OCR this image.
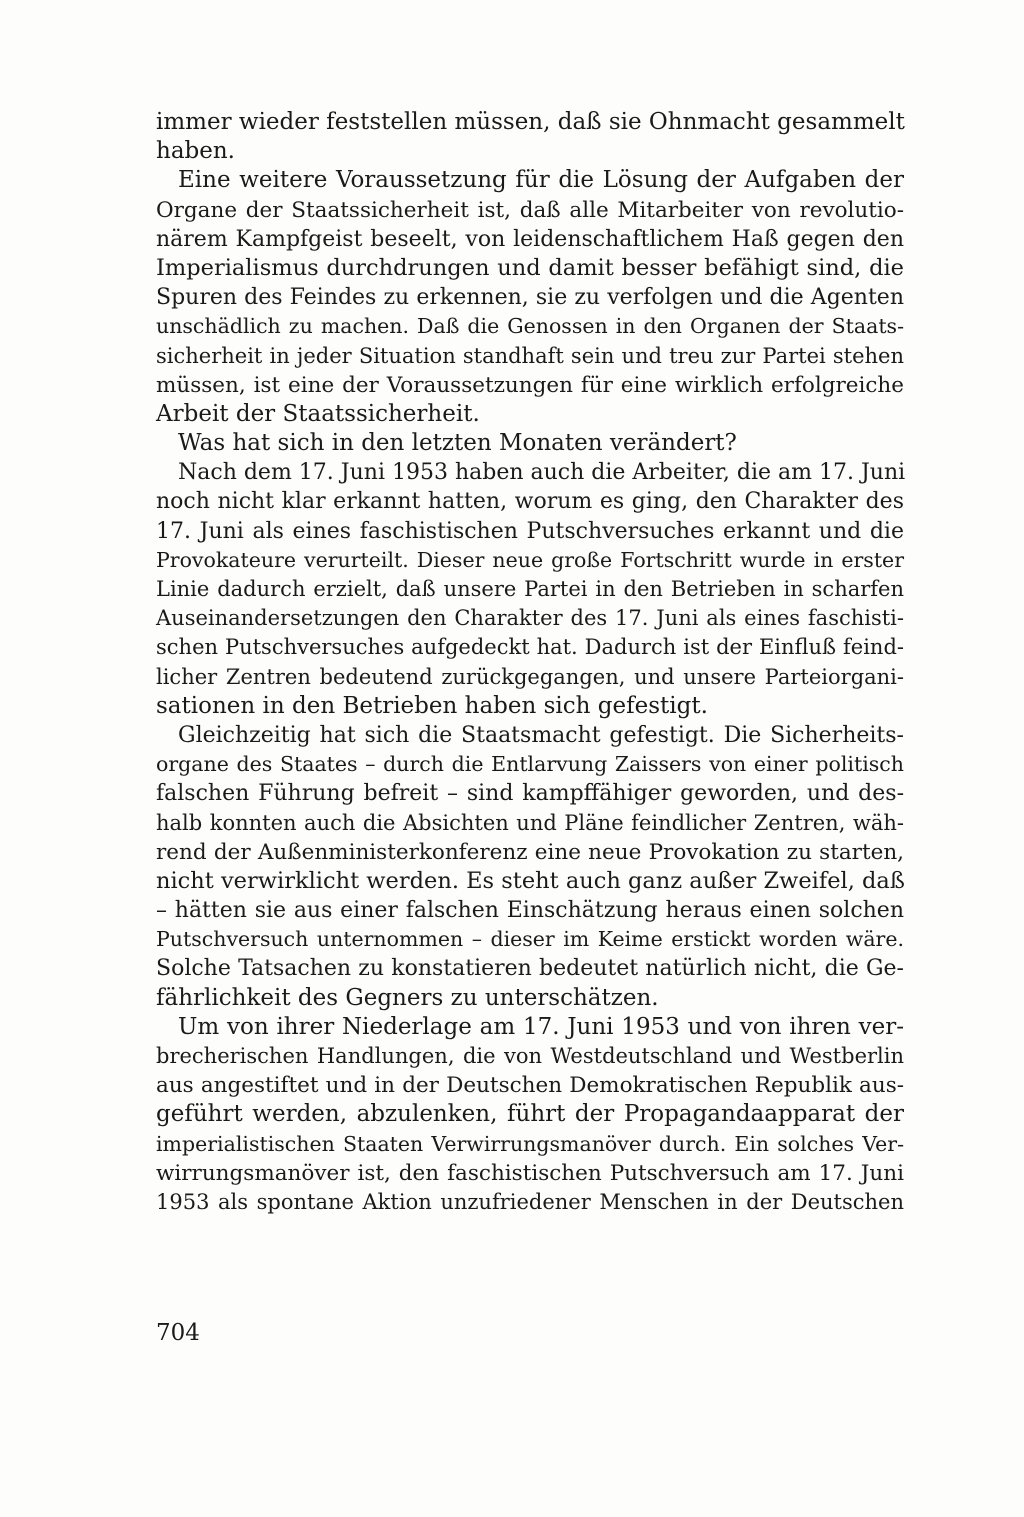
immer wieder feststellen müssen, daß sie Ohnmacht gesammelt
haben.
Eine weitere Voraussetzung für die Lösung der Aufgaben der
Organe der Staatssicherheit ist, daß alle Mitarbeiter von revolutio-
närem Kampfgeist beseelt, von leidenschaftlichem Haß gegen den
Imperialismus durchdrungen und damit besser befähigt sind, die
Spuren des Feindes zu erkennen, sie zu verfolgen und die Agenten
unschädlich zu machen. Daß die Genossen in den Organen der Staats-
sicherheit in jeder Situation standhaft sein und treu zur Partei stehen
müssen, ist eine der Voraussetzungen für eine wirklich erfolgreiche
Arbeit der Staatssicherheit.
Was hat sich in den letzten Monaten verändert?
Nach dem 17. Juni 1953 haben auch die Arbeiter, die am 17. Juni
noch nicht klar erkannt hatten, worum es ging, den Charakter des
17. Juni als eines faschistischen Putschversuches erkannt und die
Provokateure verurteilt. Dieser neue große Fortschritt wurde in erster
Linie dadurch erzielt, daß unsere Partei in den Betrieben in scharfen
Auseinandersetzungen den Charakter des 17. Juni als eines faschisti-
schen Putschversuches aufgedeckt hat. Dadurch ist der Einfluß feind-
licher Zentren bedeutend zurückgegangen, und unsere Parteiorgani-
sationen in den Betrieben haben sich gefestigt.
Gleichzeitig hat sich die Staatsmacht gefestigt. Die Sicherheits-
organe des Staates – durch die Entlarvung Zaissers von einer politisch
falschen Führung befreit – sind kampffähiger geworden, und des-
halb konnten auch die Absichten und Pläne feindlicher Zentren, wäh-
rend der Außenministerkonferenz eine neue Provokation zu starten,
nicht verwirklicht werden. Es steht auch ganz außer Zweifel, daß
– hätten sie aus einer falschen Einschätzung heraus einen solchen
Putschversuch unternommen – dieser im Keime erstickt worden wäre.
Solche Tatsachen zu konstatieren bedeutet natürlich nicht, die Ge-
fährlichkeit des Gegners zu unterschätzen.
Um von ihrer Niederlage am 17. Juni 1953 und von ihren ver-
brecherischen Handlungen, die von Westdeutschland und Westberlin
aus angestiftet und in der Deutschen Demokratischen Republik aus-
geführt werden, abzulenken, führt der Propagandaapparat der
imperialistischen Staaten Verwirrungsmanöver durch. Ein solches Ver-
wirrungsmanöver ist, den faschistischen Putschversuch am 17. Juni
1953 als spontane Aktion unzufriedener Menschen in der Deutschen
704
